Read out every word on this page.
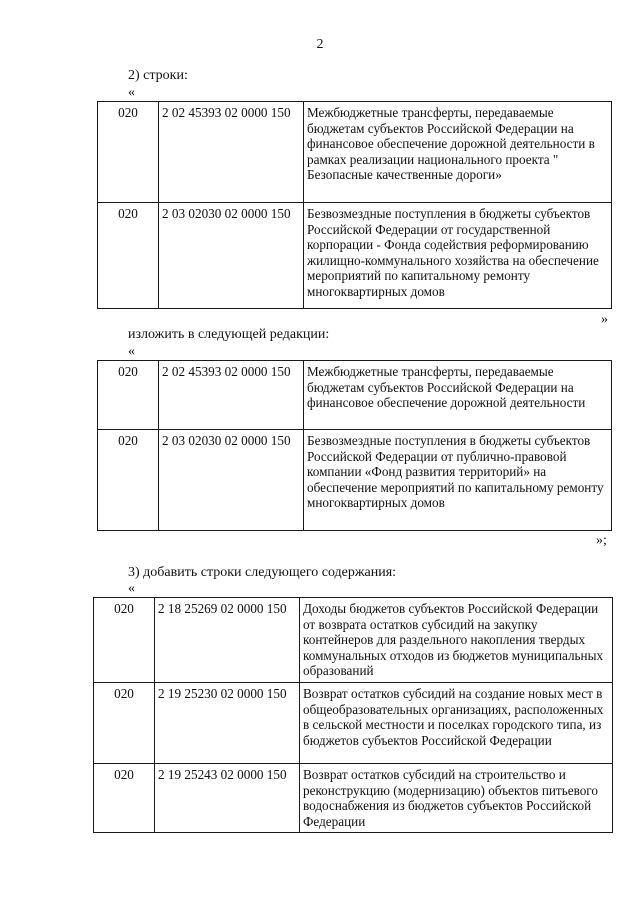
2
2) строки:
«
020	2 02 45393 02 0000 150	Межбюджетные трансферты, передаваемые бюджетам субъектов Российской Федерации на финансовое обеспечение дорожной деятельности в рамках реализации национального проекта " Безопасные качественные дороги»
020	2 03 02030 02 0000 150	Безвозмездные поступления в бюджеты субъектов Российской Федерации от государственной корпорации - Фонда содействия реформированию жилищно-коммунального хозяйства на обеспечение мероприятий по капитальному ремонту многоквартирных домов
»
изложить в следующей редакции:
«
020	2 02 45393 02 0000 150	Межбюджетные трансферты, передаваемые бюджетам субъектов Российской Федерации на финансовое обеспечение дорожной деятельности
020	2 03 02030 02 0000 150	Безвозмездные поступления в бюджеты субъектов Российской Федерации от публично-правовой компании «Фонд развития территорий» на обеспечение мероприятий по капитальному ремонту многоквартирных домов
»;
3) добавить строки следующего содержания:
«
020	2 18 25269 02 0000 150	Доходы бюджетов субъектов Российской Федерации от возврата остатков субсидий на закупку контейнеров для раздельного накопления твердых коммунальных отходов из бюджетов муниципальных образований
020	2 19 25230 02 0000 150	Возврат остатков субсидий на создание новых мест в общеобразовательных организациях, расположенных в сельской местности и поселках городского типа, из бюджетов субъектов Российской Федерации
020	2 19 25243 02 0000 150	Возврат остатков субсидий на строительство и реконструкцию (модернизацию) объектов питьевого водоснабжения из бюджетов субъектов Российской Федерации
